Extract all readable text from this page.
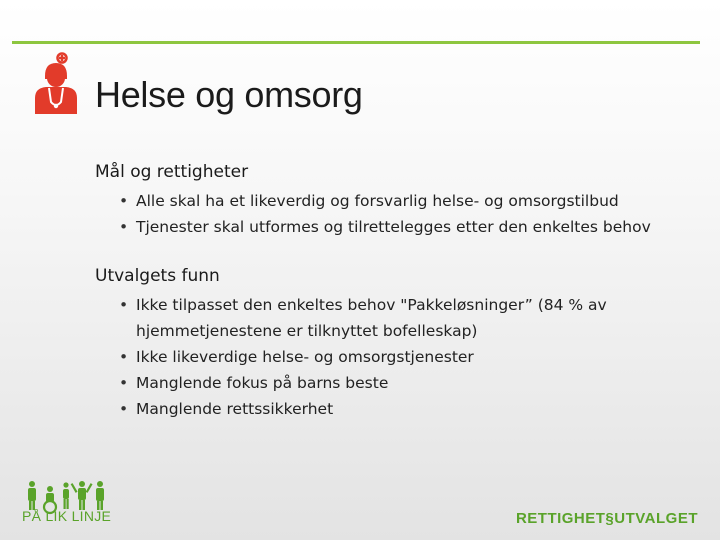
Helse og omsorg

Mål og rettigheter

• Alle skal ha et likeverdig og forsvarlig helse- og omsorgstilbud
• Tjenester skal utformes og tilrettelegges etter den enkeltes behov

Utvalgets funn

• Ikke tilpasset den enkeltes behov "Pakkeløsninger” (84 % av hjemmetjenestene er tilknyttet bofelleskap)
• Ikke likeverdige helse- og omsorgstjenester
• Manglende fokus på barns beste
• Manglende rettssikkerhet
PÅ LIK LINJE	RETTIGHET§UTVALGET
